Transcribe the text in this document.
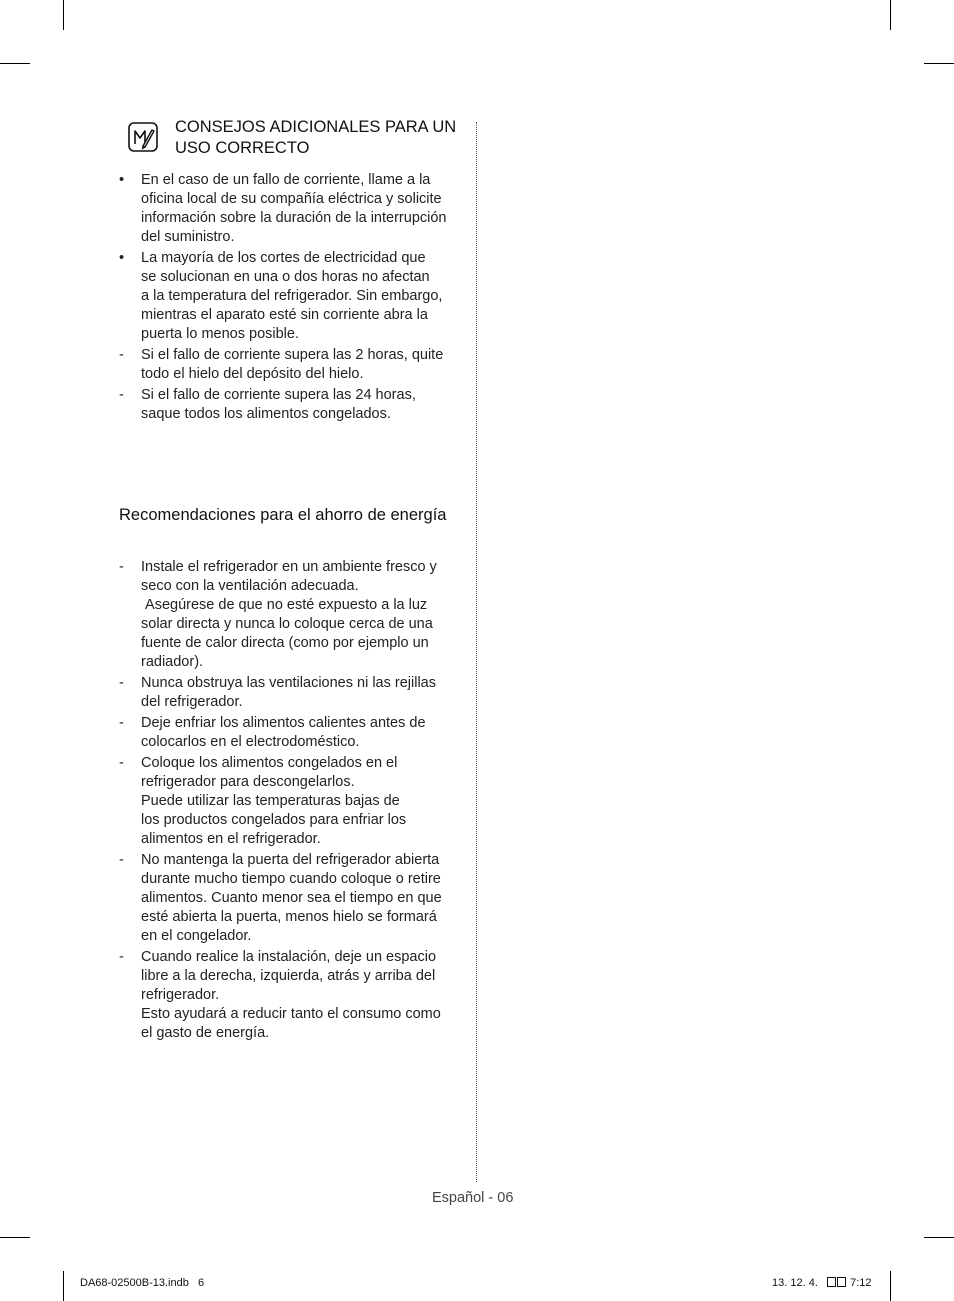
CONSEJOS ADICIONALES PARA UN USO CORRECTO
•	En el caso de un fallo de corriente, llame a la
oficina local de su compañía eléctrica y solicite
información sobre la duración de la interrupción
del suministro.
•	La mayoría de los cortes de electricidad que
se solucionan en una o dos horas no afectan
a la temperatura del refrigerador. Sin embargo,
mientras el aparato esté sin corriente abra la
puerta lo menos posible.
-	Si el fallo de corriente supera las 2 horas, quite
todo el hielo del depósito del hielo.
-	Si el fallo de corriente supera las 24 horas,
saque todos los alimentos congelados.
Recomendaciones para el ahorro de energía
-	Instale el refrigerador en un ambiente fresco y
seco con la ventilación adecuada.
Asegúrese de que no esté expuesto a la luz
solar directa y nunca lo coloque cerca de una
fuente de calor directa (como por ejemplo un
radiador).
-	Nunca obstruya las ventilaciones ni las rejillas
del refrigerador.
-	Deje enfriar los alimentos calientes antes de
colocarlos en el electrodoméstico.
-	Coloque los alimentos congelados en el
refrigerador para descongelarlos.
Puede utilizar las temperaturas bajas de
los productos congelados para enfriar los
alimentos en el refrigerador.
-	No mantenga la puerta del refrigerador abierta
durante mucho tiempo cuando coloque o retire
alimentos. Cuanto menor sea el tiempo en que
esté abierta la puerta, menos hielo se formará
en el congelador.
-	Cuando realice la instalación, deje un espacio
libre a la derecha, izquierda, atrás y arriba del
refrigerador.
Esto ayudará a reducir tanto el consumo como
el gasto de energía.
Español - 06
DA68-02500B-13.indb   6	13. 12. 4.	7:12
